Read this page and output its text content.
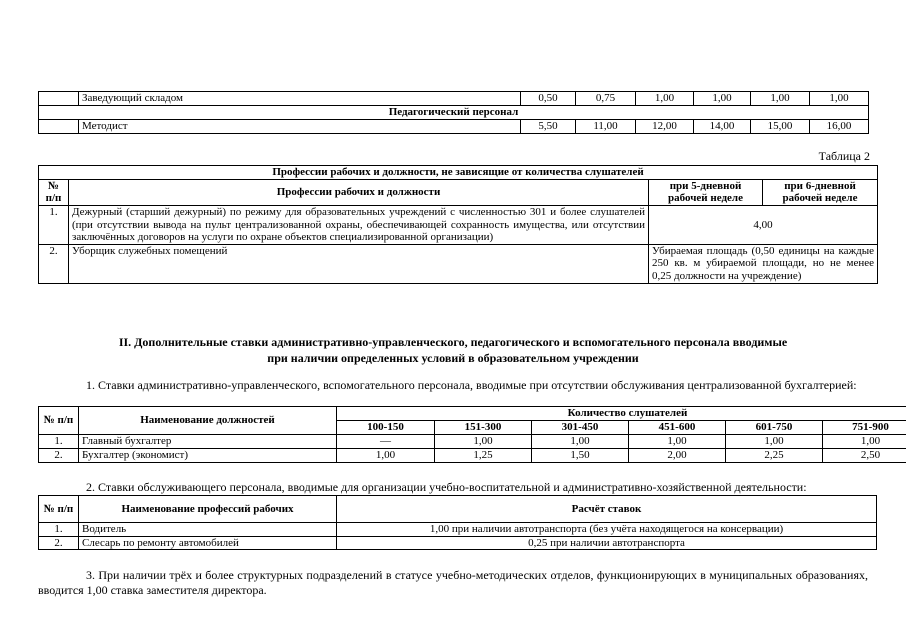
	Заведующий складом	0,50	0,75	1,00	1,00	1,00	1,00
Педагогический персонал							
	Методист	5,50	11,00	12,00	14,00	15,00	16,00
Таблица 2
Профессии рабочих и должности, не зависящие от количества слушателей			
№ п/п	Профессии рабочих и должности	при 5-дневной рабочей неделе	при 6-дневной рабочей неделе
1.	Дежурный (старший дежурный) по режиму для образовательных учреждений с численностью 301 и более слушателей (при отсутствии вывода на пульт централизованной охраны, обеспечивающей сохранность имущества, или отсутствии заключённых договоров на услуги по охране объектов специализированной организации)	4,00	
2.	Уборщик служебных помещений	Убираемая площадь (0,50 единицы на каждые 250 кв. м убираемой площади, но не менее 0,25 должности на учреждение)	
II. Дополнительные ставки административно-управленческого, педагогического и вспомогательного персонала вводимые
при наличии определенных условий в образовательном учреждении

1. Ставки административно-управленческого, вспомогательного персонала, вводимые при отсутствии обслуживания централизованной бухгалтерией:

№ п/п	Наименование должностей	Количество слушателей					
		100-150	151-300	301-450	451-600	601-750	751-900
1.	Главный бухгалтер	—	1,00	1,00	1,00	1,00	1,00
2.	Бухгалтер (экономист)	1,00	1,25	1,50	2,00	2,25	2,50

2. Ставки обслуживающего персонала, вводимые для организации учебно-воспитательной и административно-хозяйственной деятельности:

№ п/п	Наименование профессий рабочих	Расчёт ставок
1.	Водитель	1,00 при наличии автотранспорта (без учёта находящегося на консервации)
2.	Слесарь по ремонту автомобилей	0,25 при наличии автотранспорта

3. При наличии трёх и более структурных подразделений в статусе учебно-методических отделов, функционирующих в муниципальных образованиях, вводится 1,00 ставка заместителя директора.
